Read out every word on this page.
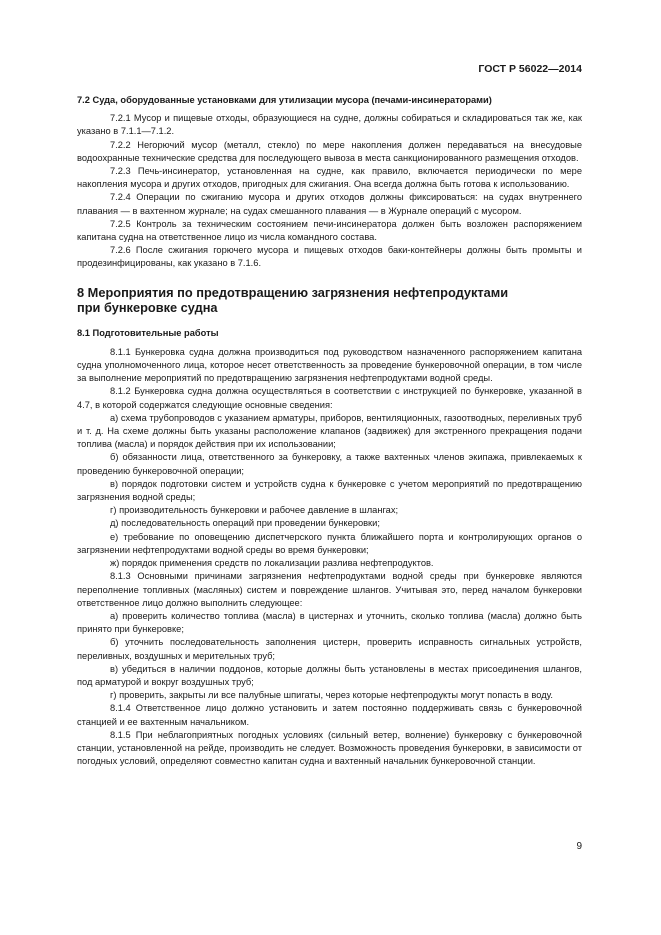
ГОСТ Р 56022—2014
7.2 Суда, оборудованные установками для утилизации мусора (печами-инсинераторами)

7.2.1 Мусор и пищевые отходы, образующиеся на судне, должны собираться и складироваться так же, как указано в 7.1.1—7.1.2.

7.2.2 Негорючий мусор (металл, стекло) по мере накопления должен передаваться на внесудовые водоохранные технические средства для последующего вывоза в места санкционированного размещения отходов.

7.2.3 Печь-инсинератор, установленная на судне, как правило, включается периодически по мере накопления мусора и других отходов, пригодных для сжигания. Она всегда должна быть готова к использованию.

7.2.4 Операции по сжиганию мусора и других отходов должны фиксироваться: на судах внутреннего плавания — в вахтенном журнале; на судах смешанного плавания — в Журнале операций с мусором.

7.2.5 Контроль за техническим состоянием печи-инсинератора должен быть возложен распоряжением капитана судна на ответственное лицо из числа командного состава.

7.2.6 После сжигания горючего мусора и пищевых отходов баки-контейнеры должны быть промыты и продезинфицированы, как указано в 7.1.6.

8 Мероприятия по предотвращению загрязнения нефтепродуктами
при бункеровке судна
8.1 Подготовительные работы

8.1.1 Бункеровка судна должна производиться под руководством назначенного распоряжением капитана судна уполномоченного лица, которое несет ответственность за проведение бункеровочной операции, в том числе за выполнение мероприятий по предотвращению загрязнения нефтепродуктами водной среды.

8.1.2 Бункеровка судна должна осуществляться в соответствии с инструкцией по бункеровке, указанной в 4.7, в которой содержатся следующие основные сведения:

а) схема трубопроводов с указанием арматуры, приборов, вентиляционных, газоотводных, переливных труб и т. д. На схеме должны быть указаны расположение клапанов (задвижек) для экстренного прекращения подачи топлива (масла) и порядок действия при их использовании;

б) обязанности лица, ответственного за бункеровку, а также вахтенных членов экипажа, привлекаемых к проведению бункеровочной операции;

в) порядок подготовки систем и устройств судна к бункеровке с учетом мероприятий по предотвращению загрязнения водной среды;

г) производительность бункеровки и рабочее давление в шлангах;

д) последовательность операций при проведении бункеровки;

е) требование по оповещению диспетчерского пункта ближайшего порта и контролирующих органов о загрязнении нефтепродуктами водной среды во время бункеровки;

ж) порядок применения средств по локализации разлива нефтепродуктов.

8.1.3 Основными причинами загрязнения нефтепродуктами водной среды при бункеровке являются переполнение топливных (масляных) систем и повреждение шлангов. Учитывая это, перед началом бункеровки ответственное лицо должно выполнить следующее:

а) проверить количество топлива (масла) в цистернах и уточнить, сколько топлива (масла) должно быть принято при бункеровке;

б) уточнить последовательность заполнения цистерн, проверить исправность сигнальных устройств, переливных, воздушных и мерительных труб;

в) убедиться в наличии поддонов, которые должны быть установлены в местах присоединения шлангов, под арматурой и вокруг воздушных труб;

г) проверить, закрыты ли все палубные шпигаты, через которые нефтепродукты могут попасть в воду.

8.1.4 Ответственное лицо должно установить и затем постоянно поддерживать связь с бункеровочной станцией и ее вахтенным начальником.

8.1.5 При неблагоприятных погодных условиях (сильный ветер, волнение) бункеровку с бункеровочной станции, установленной на рейде, производить не следует. Возможность проведения бункеровки, в зависимости от погодных условий, определяют совместно капитан судна и вахтенный начальник бункеровочной станции.

9
